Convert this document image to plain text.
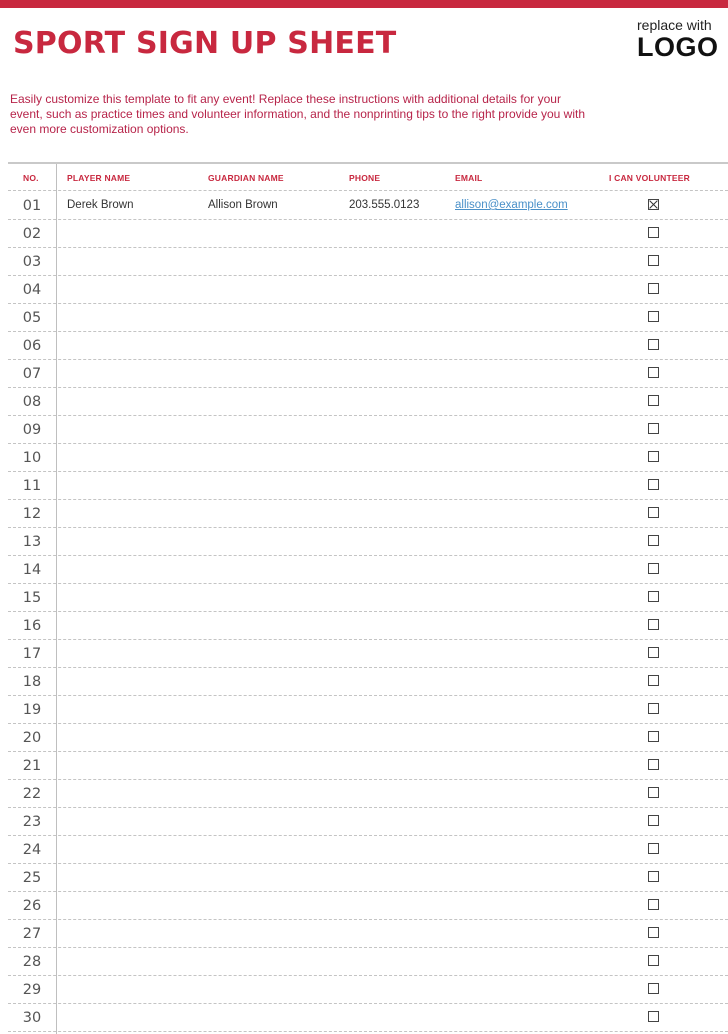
SPORT SIGN UP SHEET
replace with
LOGO

Easily customize this template to fit any event! Replace these instructions with additional details for your event, such as practice times and volunteer information, and the nonprinting tips to the right provide you with even more customization options.

NO.	PLAYER NAME	GUARDIAN NAME	PHONE	EMAIL	I CAN VOLUNTEER
01	Derek Brown	Allison Brown	203.555.0123	allison@example.com
02
03
04
05
06
07
08
09
10
11
12
13
14
15
16
17
18
19
20
21
22
23
24
25
26
27
28
29
30
